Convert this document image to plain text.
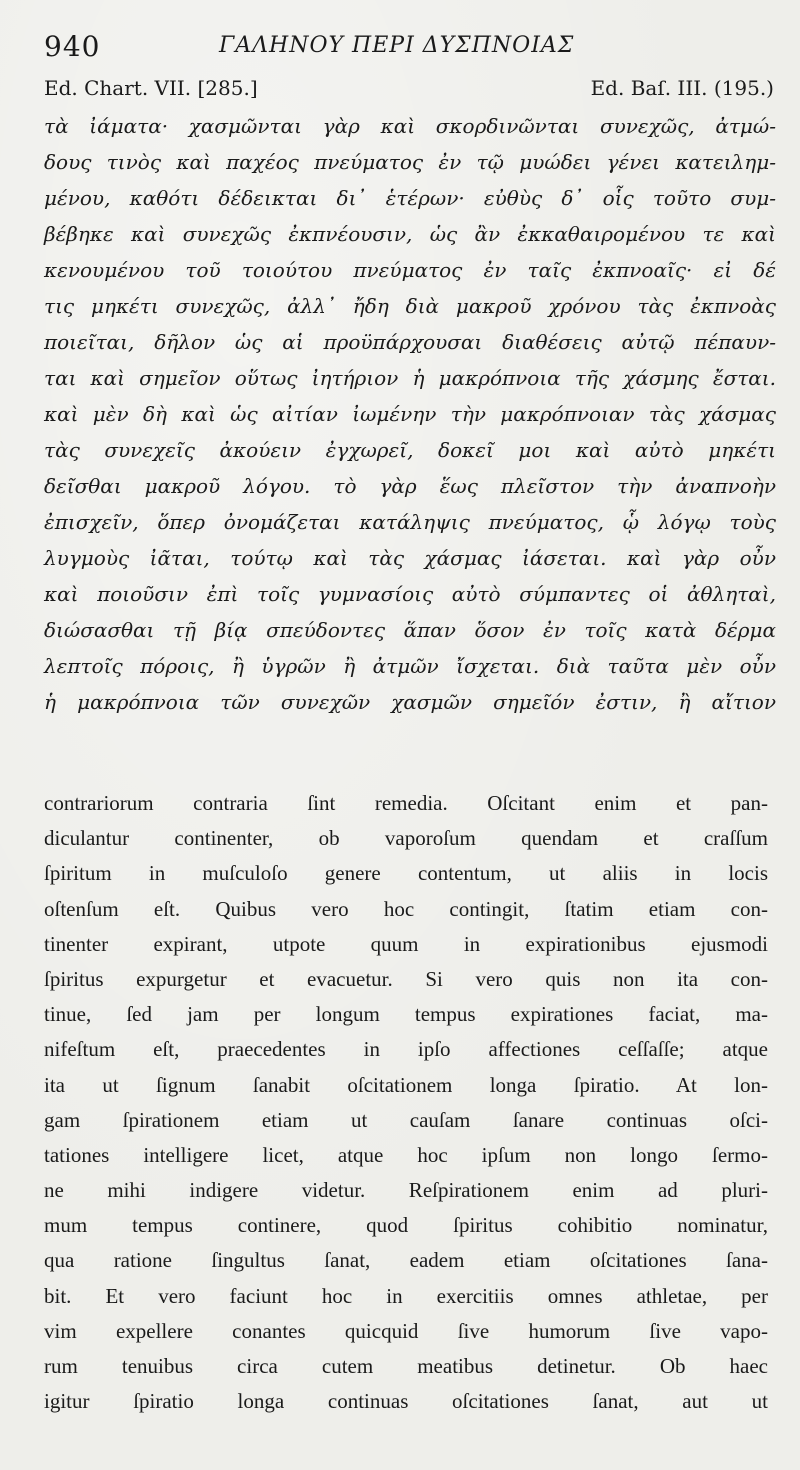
940	ΓΑΛΗΝΟΥ ΠΕΡΙ ΔΥΣΠΝΟΙΑΣ
Ed. Chart. VII. [285.]	Ed. Baſ. III. (195.)
τὰ ἰάματα· χασμῶνται γὰρ καὶ σκορδινῶνται συνεχῶς, ἀτμώ-
δους τινὸς καὶ παχέος πνεύματος ἐν τῷ μυώδει γένει κατειλημ-
μένου, καθότι δέδεικται δι᾽ ἑτέρων· εὐθὺς δ᾽ οἷς τοῦτο συμ-
βέβηκε καὶ συνεχῶς ἐκπνέουσιν, ὡς ἂν ἐκκαθαιρομένου τε καὶ
κενουμένου τοῦ τοιούτου πνεύματος ἐν ταῖς ἐκπνοαῖς· εἰ δέ
τις μηκέτι συνεχῶς, ἀλλ᾽ ἤδη διὰ μακροῦ χρόνου τὰς ἐκπνοὰς
ποιεῖται, δῆλον ὡς αἱ προϋπάρχουσαι διαθέσεις αὐτῷ πέπαυν-
ται καὶ σημεῖον οὕτως ἰητήριον ἡ μακρόπνοια τῆς χάσμης ἔσται.
καὶ μὲν δὴ καὶ ὡς αἰτίαν ἰωμένην τὴν μακρόπνοιαν τὰς χάσμας
τὰς συνεχεῖς ἀκούειν ἐγχωρεῖ, δοκεῖ μοι καὶ αὐτὸ μηκέτι
δεῖσθαι μακροῦ λόγου. τὸ γὰρ ἕως πλεῖστον τὴν ἀναπνοὴν
ἐπισχεῖν, ὅπερ ὀνομάζεται κατάληψις πνεύματος, ᾧ λόγῳ τοὺς
λυγμοὺς ἰᾶται, τούτῳ καὶ τὰς χάσμας ἰάσεται. καὶ γὰρ οὖν
καὶ ποιοῦσιν ἐπὶ τοῖς γυμνασίοις αὐτὸ σύμπαντες οἱ ἀθληταὶ,
διώσασθαι τῇ βίᾳ σπεύδοντες ἅπαν ὅσον ἐν τοῖς κατὰ δέρμα
λεπτοῖς πόροις, ἢ ὑγρῶν ἢ ἀτμῶν ἴσχεται. διὰ ταῦτα μὲν οὖν
ἡ μακρόπνοια τῶν συνεχῶν χασμῶν σημεῖόν ἐστιν, ἢ αἴτιον
contrariorum contraria ſint remedia. Oſcitant enim et pan-
diculantur continenter, ob vaporoſum quendam et craſſum
ſpiritum in muſculoſo genere contentum, ut aliis in locis
oſtenſum eſt. Quibus vero hoc contingit, ſtatim etiam con-
tinenter expirant, utpote quum in expirationibus ejusmodi
ſpiritus expurgetur et evacuetur. Si vero quis non ita con-
tinue, ſed jam per longum tempus expirationes faciat, ma-
nifeſtum eſt, praecedentes in ipſo affectiones ceſſaſſe; atque
ita ut ſignum ſanabit oſcitationem longa ſpiratio. At lon-
gam ſpirationem etiam ut cauſam ſanare continuas oſci-
tationes intelligere licet, atque hoc ipſum non longo ſermo-
ne mihi indigere videtur. Reſpirationem enim ad pluri-
mum tempus continere, quod ſpiritus cohibitio nominatur,
qua ratione ſingultus ſanat, eadem etiam oſcitationes ſana-
bit. Et vero faciunt hoc in exercitiis omnes athletae, per
vim expellere conantes quicquid ſive humorum ſive vapo-
rum tenuibus circa cutem meatibus detinetur. Ob haec
igitur ſpiratio longa continuas oſcitationes ſanat, aut ut
